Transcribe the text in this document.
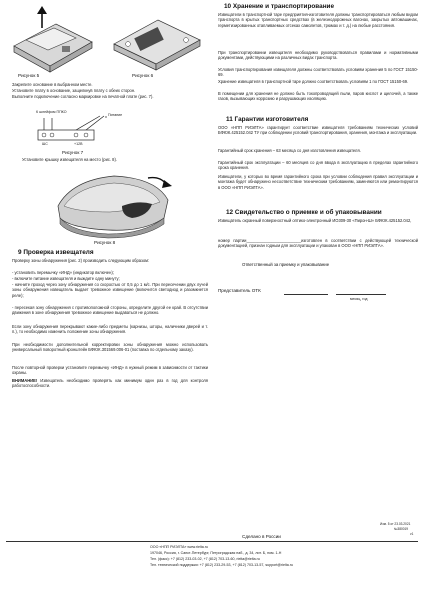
Рисунок 5	Рисунок 6

Закрепите основание в выбранном месте.

Установите плату в основание, защелкнув плату с обеих сторон.

Выполните подключение согласно маркировке на печатной плате (рис. 7).

К шлейфом ППКО
Питание
ШС	+12В
Рисунок 7

Установите крышку извещателя на место (рис. 8).

Рисунок 8
9 Проверка извещателя

Проверку зоны обнаружения (рис. 2) производить следующим образом:

- установить перемычку «ИНД» (индикатор включен);

- включите питание извещателя и выждите одну минуту;

- начните проход через зону обнаружения со скоростью от 0,5 до 1 м/с. При пересечении двух лучей зоны обнаружения извещатель выдает тревожное извещение (включится светодиод и разомкнется реле);

- пересекая зону обнаружения с противоположной стороны, определите другой ее край. В отсутствии движения в зоне обнаружения тревожное извещение выдаваться не должно.

Если зону обнаружения перекрывают какие-либо предметы (карнизы, шторы, наличники дверей и т. п.), то необходимо изменить положение зоны обнаружения.

При необходимости дополнительной корректировки зоны обнаружения можно использовать универсальный поворотный кронштейн БФЮК.301569.006-01 (поставка по отдельному заказу).

После повторной проверки установите перемычку «ИНД» в нужный режим в зависимости от тактики охраны.

ВНИМАНИЕ! Извещатель необходимо проверять как минимум один раз в год для контроля работоспособности.

10 Хранение и транспортирование

Извещатели в транспортной таре предприятия-изготовителя должны транспортироваться любым видом транспорта в крытых транспортных средствах (в железнодорожных вагонах, закрытых автомашинах, герметизированных отапливаемых отсеках самолетов, трюмах и т. д.) на любые расстояния.

При транспортировании извещателя необходимо руководствоваться правилами и нормативными документами, действующими на различных видах транспорта.

Условия транспортирования извещателя должны соответствовать условиям хранения 5 по ГОСТ 15150-69.

Хранение извещателя в транспортной таре должно соответствовать условиям 1 по ГОСТ 15150-69.

В помещении для хранения не должно быть токопроводящей пыли, паров кислот и щелочей, а также газов, вызывающих коррозию и разрушающих изоляцию.

11 Гарантии изготовителя

ООО «НПП РИЭЛТА» гарантирует соответствие извещателя требованиям технических условий БФЮК.425152.042 ТУ при соблюдении условий транспортирования, хранения, монтажа и эксплуатации.

Гарантийный срок хранения – 63 месяца со дня изготовления извещателя.

Гарантийный срок эксплуатации – 60 месяцев со дня ввода в эксплуатацию в пределах гарантийного срока хранения.

Извещатели, у которых во время гарантийного срока при условии соблюдения правил эксплуатации и монтажа будет обнаружено несоответствие техническим требованиям, заменяются или ремонтируются в ООО «НПП РИЭЛТА».

12 Свидетельство о приемке и об упаковывании

Извещатель охранный поверхностный оптико-электронный ИО309-30 «Пирон-Ш» БФЮК.425152.042,

номер партии________________________изготовлен в соответствии с действующей технической документацией, признан годным для эксплуатации и упакован в ООО «НПП РИЭЛТА».

Ответственный за приемку и упаковывание
Представитель ОТК
месяц, год
Изм. 5 от 23.03.2021
№380019
v1
Сделано в России
ООО «НПП РИЭЛТА» www.rielta.ru
197046, Россия, г. Санкт-Петербург, Петроградская наб., д. 34, лит. Б, пом. 1-Н
Тел. (факс): +7 (812) 233-03-02, +7 (812) 703-13-60, rielta@rielta.ru
Тел. технической поддержки: +7 (812) 233-29-53, +7 (812) 703-13-57, support@rielta.ru
